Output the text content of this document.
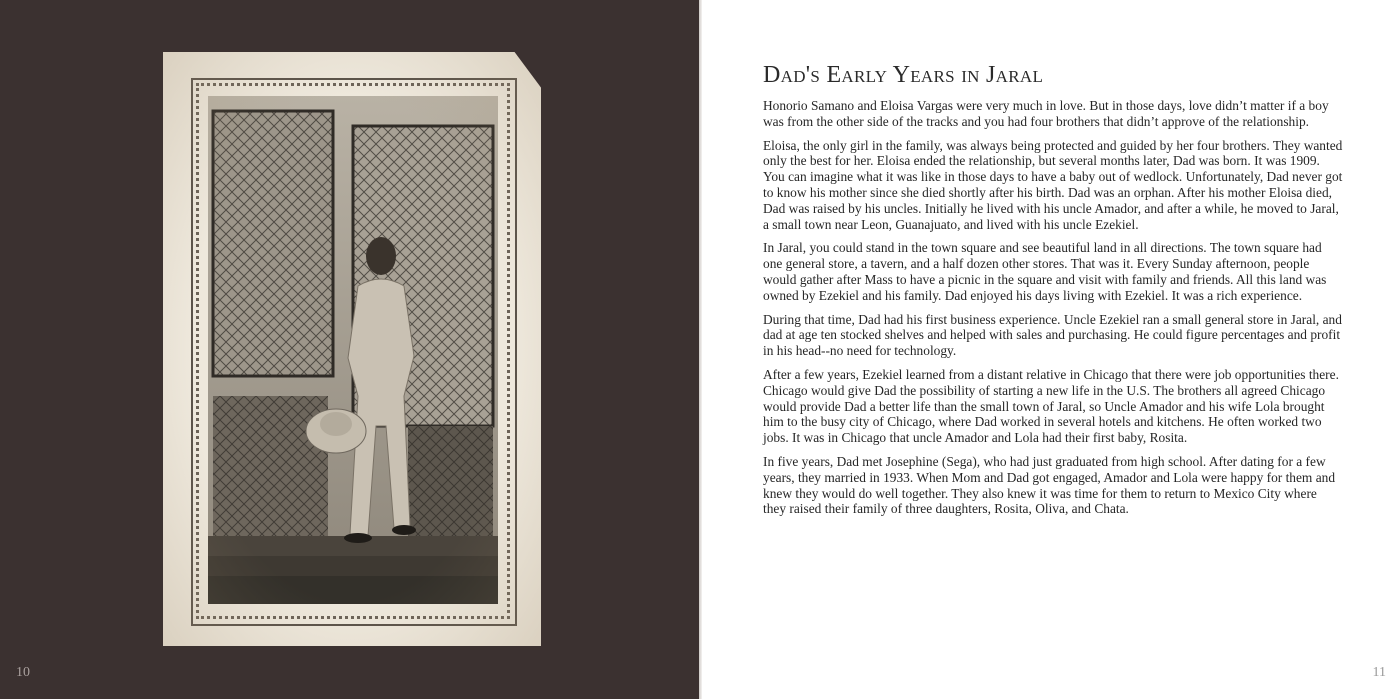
10	11
Dad's Early Years in Jaral

Honorio Samano and Eloisa Vargas were very much in love. But in those days, love didn’t matter if a boy was from the other side of the tracks and you had four brothers that didn’t approve of the relationship.

Eloisa, the only girl in the family, was always being protected and guided by her four brothers. They wanted only the best for her. Eloisa ended the relationship, but several months later, Dad was born. It was 1909. You can imagine what it was like in those days to have a baby out of wedlock. Unfortunately, Dad never got to know his mother since she died shortly after his birth. Dad was an orphan. After his mother Eloisa died, Dad was raised by his uncles. Initially he lived with his uncle Amador, and after a while, he moved to Jaral, a small town near Leon, Guanajuato, and lived with his uncle Ezekiel.

In Jaral, you could stand in the town square and see beautiful land in all directions. The town square had one general store, a tavern, and a half dozen other stores. That was it. Every Sunday afternoon, people would gather after Mass to have a picnic in the square and visit with family and friends. All this land was owned by Ezekiel and his family. Dad enjoyed his days living with Ezekiel. It was a rich experience.

During that time, Dad had his first business experience. Uncle Ezekiel ran a small general store in Jaral, and dad at age ten stocked shelves and helped with sales and purchasing. He could figure percentages and profit in his head--no need for technology.

After a few years, Ezekiel learned from a distant relative in Chicago that there were job opportunities there. Chicago would give Dad the possibility of starting a new life in the U.S. The brothers all agreed Chicago would provide Dad a better life than the small town of Jaral, so Uncle Amador and his wife Lola brought him to the busy city of Chicago, where Dad worked in several hotels and kitchens. He often worked two jobs. It was in Chicago that uncle Amador and Lola had their first baby, Rosita.

In five years, Dad met Josephine (Sega), who had just graduated from high school. After dating for a few years, they married in 1933. When Mom and Dad got engaged, Amador and Lola were happy for them and knew they would do well together. They also knew it was time for them to return to Mexico City where they raised their family of three daughters, Rosita, Oliva, and Chata.
